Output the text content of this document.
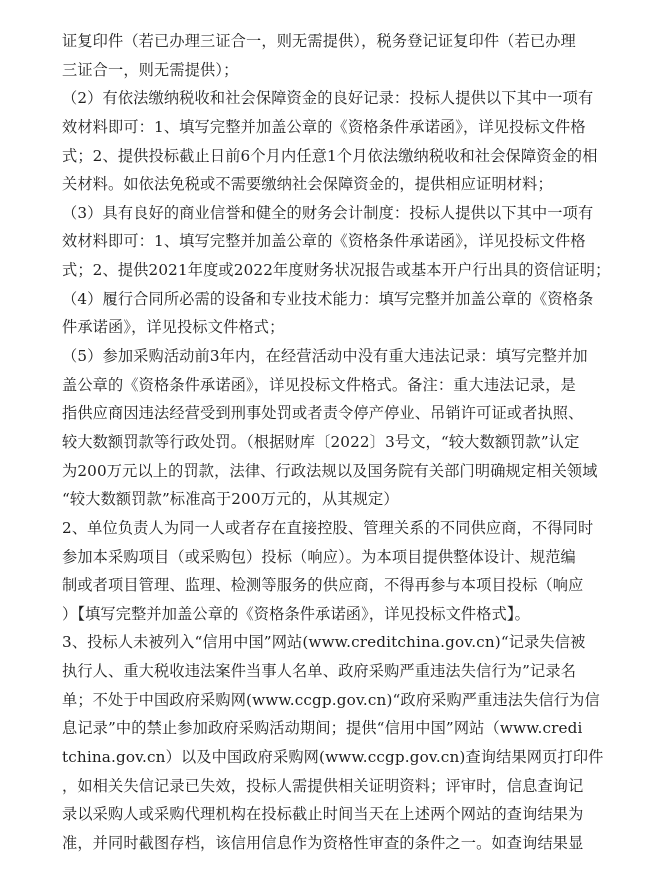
证复印件（若已办理三证合一，则无需提供），税务登记证复印件（若已办理
三证合一，则无需提供）；
（2）有依法缴纳税收和社会保障资金的良好记录：投标人提供以下其中一项有
效材料即可：1、填写完整并加盖公章的《资格条件承诺函》，详见投标文件格
式；2、提供投标截止日前6个月内任意1个月依法缴纳税收和社会保障资金的相
关材料。如依法免税或不需要缴纳社会保障资金的，提供相应证明材料；
（3）具有良好的商业信誉和健全的财务会计制度：投标人提供以下其中一项有
效材料即可：1、填写完整并加盖公章的《资格条件承诺函》，详见投标文件格
式；2、提供2021年度或2022年度财务状况报告或基本开户行出具的资信证明；
（4）履行合同所必需的设备和专业技术能力：填写完整并加盖公章的《资格条
件承诺函》，详见投标文件格式；
（5）参加采购活动前3年内，在经营活动中没有重大违法记录：填写完整并加
盖公章的《资格条件承诺函》，详见投标文件格式。备注：重大违法记录，是
指供应商因违法经营受到刑事处罚或者责令停产停业、吊销许可证或者执照、
较大数额罚款等行政处罚。（根据财库〔2022〕3号文，“较大数额罚款”认定
为200万元以上的罚款，法律、行政法规以及国务院有关部门明确规定相关领域
“较大数额罚款”标准高于200万元的，从其规定）
2、单位负责人为同一人或者存在直接控股、管理关系的不同供应商，不得同时
参加本采购项目（或采购包）投标（响应）。为本项目提供整体设计、规范编
制或者项目管理、监理、检测等服务的供应商，不得再参与本项目投标（响应
）【填写完整并加盖公章的《资格条件承诺函》，详见投标文件格式】。
3、投标人未被列入“信用中国”网站(www.creditchina.gov.cn)“记录失信被
执行人、重大税收违法案件当事人名单、政府采购严重违法失信行为”记录名
单；不处于中国政府采购网(www.ccgp.gov.cn)“政府采购严重违法失信行为信
息记录”中的禁止参加政府采购活动期间；提供“信用中国”网站（www.credi
tchina.gov.cn）以及中国政府采购网(www.ccgp.gov.cn)查询结果网页打印件
，如相关失信记录已失效，投标人需提供相关证明资料；评审时，信息查询记
录以采购人或采购代理机构在投标截止时间当天在上述两个网站的查询结果为
准，并同时截图存档，该信用信息作为资格性审查的条件之一。如查询结果显
